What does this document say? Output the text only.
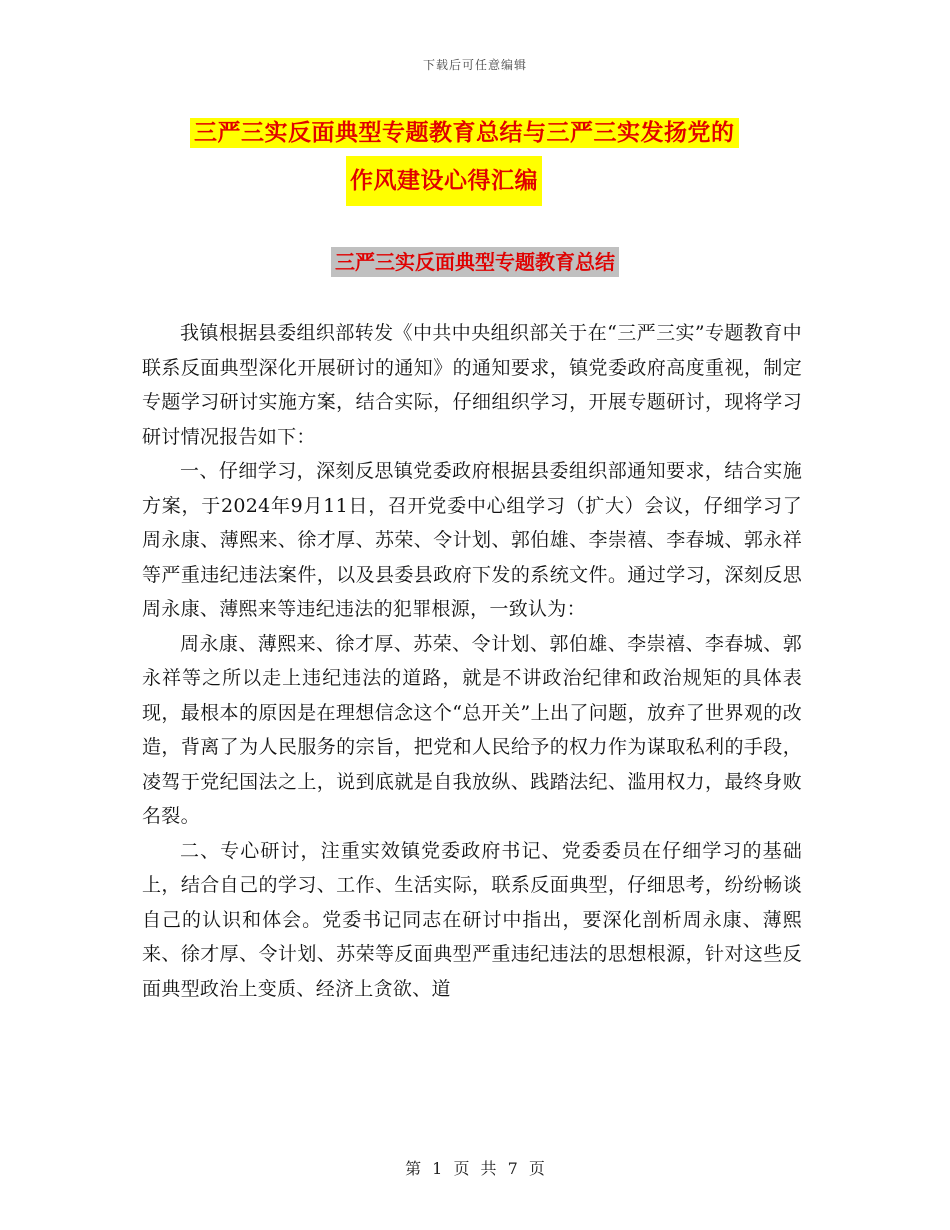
下载后可任意编辑
三严三实反面典型专题教育总结与三严三实发扬党的
作风建设心得汇编
三严三实反面典型专题教育总结

我镇根据县委组织部转发《中共中央组织部关于在“三严三实”专题教育中联系反面典型深化开展研讨的通知》的通知要求，镇党委政府高度重视，制定专题学习研讨实施方案，结合实际，仔细组织学习，开展专题研讨，现将学习研讨情况报告如下：

一、仔细学习，深刻反思镇党委政府根据县委组织部通知要求，结合实施方案，于2024年9月11日，召开党委中心组学习（扩大）会议，仔细学习了周永康、薄熙来、徐才厚、苏荣、令计划、郭伯雄、李崇禧、李春城、郭永祥等严重违纪违法案件，以及县委县政府下发的系统文件。通过学习，深刻反思周永康、薄熙来等违纪违法的犯罪根源，一致认为：

周永康、薄熙来、徐才厚、苏荣、令计划、郭伯雄、李崇禧、李春城、郭永祥等之所以走上违纪违法的道路，就是不讲政治纪律和政治规矩的具体表现，最根本的原因是在理想信念这个“总开关”上出了问题，放弃了世界观的改造，背离了为人民服务的宗旨，把党和人民给予的权力作为谋取私利的手段，凌驾于党纪国法之上，说到底就是自我放纵、践踏法纪、滥用权力，最终身败名裂。

二、专心研讨，注重实效镇党委政府书记、党委委员在仔细学习的基础上，结合自己的学习、工作、生活实际，联系反面典型，仔细思考，纷纷畅谈自己的认识和体会。党委书记同志在研讨中指出，要深化剖析周永康、薄熙来、徐才厚、令计划、苏荣等反面典型严重违纪违法的思想根源，针对这些反面典型政治上变质、经济上贪欲、道

第 1 页 共 7 页
